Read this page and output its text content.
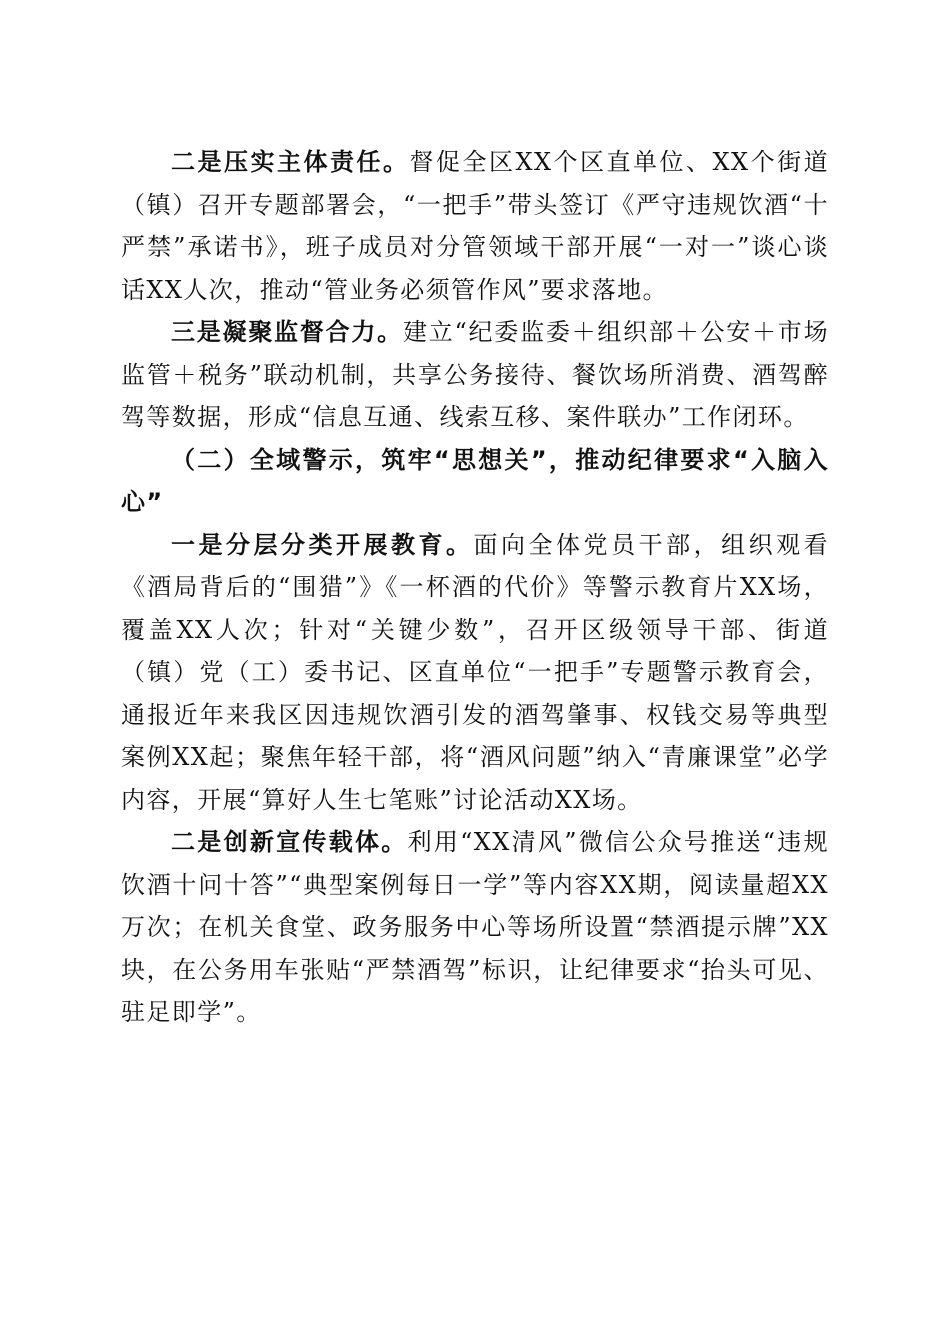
二是压实主体责任。督促全区XX个区直单位、XX个街道（镇）召开专题部署会，“一把手”带头签订《严守违规饮酒“十严禁”承诺书》，班子成员对分管领域干部开展“一对一”谈心谈话XX人次，推动“管业务必须管作风”要求落地。

三是凝聚监督合力。建立“纪委监委＋组织部＋公安＋市场监管＋税务”联动机制，共享公务接待、餐饮场所消费、酒驾醉驾等数据，形成“信息互通、线索互移、案件联办”工作闭环。

（二）全域警示，筑牢“思想关”，推动纪律要求“入脑入心”

一是分层分类开展教育。面向全体党员干部，组织观看《酒局背后的“围猎”》《一杯酒的代价》等警示教育片XX场，覆盖XX人次；针对“关键少数”，召开区级领导干部、街道（镇）党（工）委书记、区直单位“一把手”专题警示教育会，通报近年来我区因违规饮酒引发的酒驾肇事、权钱交易等典型案例XX起；聚焦年轻干部，将“酒风问题”纳入“青廉课堂”必学内容，开展“算好人生七笔账”讨论活动XX场。

二是创新宣传载体。利用“XX清风”微信公众号推送“违规饮酒十问十答”“典型案例每日一学”等内容XX期，阅读量超XX万次；在机关食堂、政务服务中心等场所设置“禁酒提示牌”XX块，在公务用车张贴“严禁酒驾”标识，让纪律要求“抬头可见、驻足即学”。
